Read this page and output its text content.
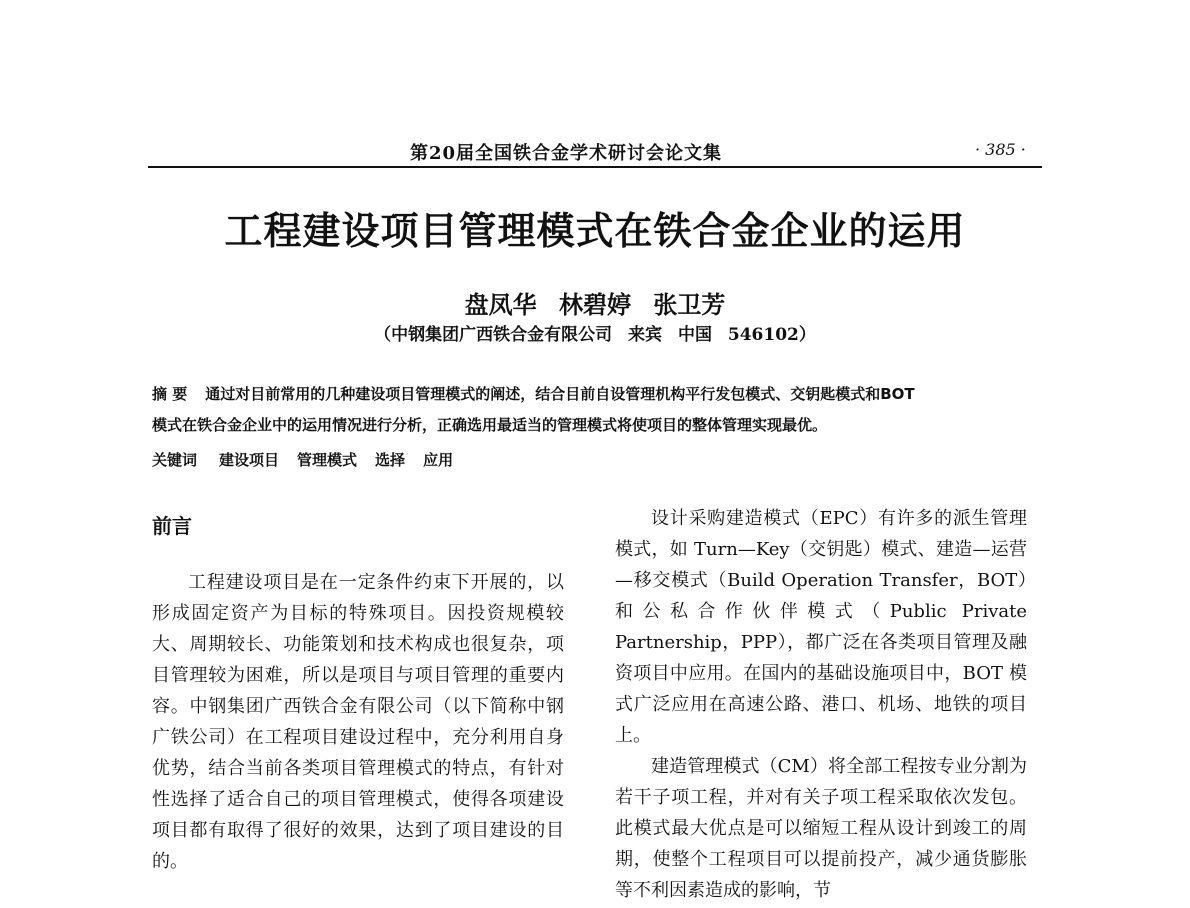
第20届全国铁合金学术研讨会论文集	· 385 ·
工程建设项目管理模式在铁合金企业的运用
盘凤华 林碧婷 张卫芳
（中钢集团广西铁合金有限公司 来宾 中国 546102）
摘 要 通过对目前常用的几种建设项目管理模式的阐述，结合目前自设管理机构平行发包模式、交钥匙模式和BOT
模式在铁合金企业中的运用情况进行分析，正确选用最适当的管理模式将使项目的整体管理实现最优。
关键词 建设项目 管理模式 选择 应用
前言

工程建设项目是在一定条件约束下开展的，以形成固定资产为目标的特殊项目。因投资规模较大、周期较长、功能策划和技术构成也很复杂，项目管理较为困难，所以是项目与项目管理的重要内容。中钢集团广西铁合金有限公司（以下简称中钢广铁公司）在工程项目建设过程中，充分利用自身优势，结合当前各类项目管理模式的特点，有针对性选择了适合自己的项目管理模式，使得各项建设项目都有取得了很好的效果，达到了项目建设的目的。

设计采购建造模式（EPC）有许多的派生管理模式，如 Turn—Key（交钥匙）模式、建造—运营—移交模式（Build Operation Transfer，BOT）和公私合作伙伴模式（Public Private Partnership，PPP），都广泛在各类项目管理及融资项目中应用。在国内的基础设施项目中，BOT 模式广泛应用在高速公路、港口、机场、地铁的项目上。

建造管理模式（CM）将全部工程按专业分割为若干子项工程，并对有关子项工程采取依次发包。此模式最大优点是可以缩短工程从设计到竣工的周期，使整个工程项目可以提前投产，减少通货膨胀等不利因素造成的影响，节
